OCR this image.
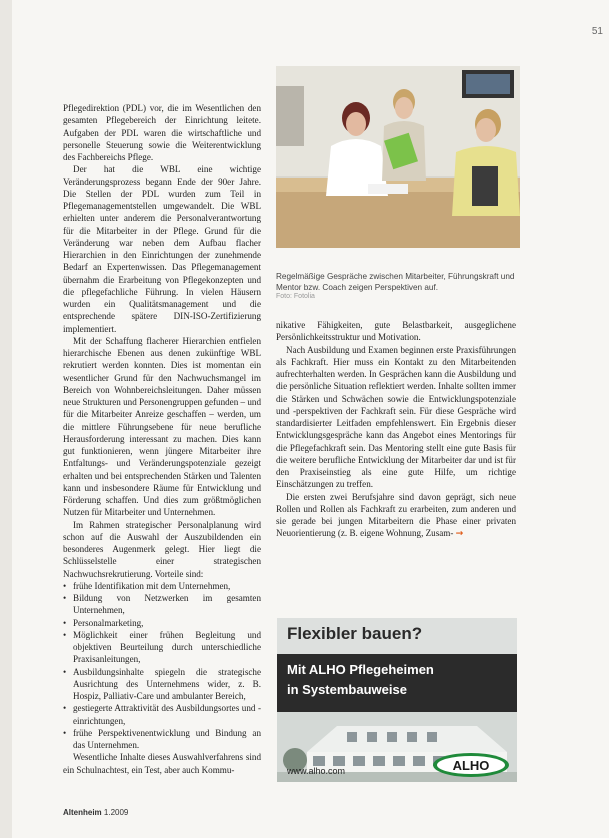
51

Pflegedirektion (PDL) vor, die im Wesentlichen den gesamten Pflegebereich der Einrichtung leitete. Aufgaben der PDL waren die wirtschaftliche und personelle Steuerung sowie die Weiterentwicklung des Fachbereichs Pflege.

Der hat die WBL eine wichtige Veränderungsprozess begann Ende der 90er Jahre. Die Stellen der PDL wurden zum Teil in Pflegemanagementstellen umgewandelt. Die WBL erhielten unter anderem die Personalverantwortung für die Mitarbeiter in der Pflege. Grund für die Veränderung war neben dem Aufbau flacher Hierarchien in den Einrichtungen der zunehmende Bedarf an Expertenwissen. Das Pflegemanagement übernahm die Erarbeitung von Pflegekonzepten und die pflegefachliche Führung. In vielen Häusern wurden ein Qualitätsmanagement und die entsprechende spätere DIN-ISO-Zertifizierung implementiert.

Mit der Schaffung flacherer Hierarchien entfielen hierarchische Ebenen aus denen zukünftige WBL rekrutiert werden konnten. Dies ist momentan ein wesentlicher Grund für den Nachwuchsmangel im Bereich von Wohnbereichsleitungen. Daher müssen neue Strukturen und Personengruppen gefunden – und für die Mitarbeiter Anreize geschaffen – werden, um die mittlere Führungsebene für neue berufliche Herausforderung interessant zu machen. Dies kann gut funktionieren, wenn jüngere Mitarbeiter ihre Entfaltungs- und Veränderungspotenziale gezeigt erhalten und bei entsprechenden Stärken und Talenten kann und insbesondere Räume für Entwicklung und Förderung schaffen. Und dies zum größtmöglichen Nutzen für Mitarbeiter und Unternehmen.

Im Rahmen strategischer Personalplanung wird schon auf die Auswahl der Auszubildenden ein besonderes Augenmerk gelegt. Hier liegt die Schlüsselstelle einer strategischen Nachwuchsrekrutierung. Vorteile sind:

• frühe Identifikation mit dem Unternehmen,
• Bildung von Netzwerken im gesamten Unternehmen,
• Personalmarketing,
• Möglichkeit einer frühen Begleitung und objektiven Beurteilung durch unterschiedliche Praxisanleitungen,
• Ausbildungsinhalte spiegeln die strategische Ausrichtung des Unternehmens wider, z. B. Hospiz, Palliativ-Care und ambulanter Bereich,
• gestiegerte Attraktivität des Ausbildungsortes und -einrichtungen,
• frühe Perspektivenentwicklung und Bindung an das Unternehmen.

Wesentliche Inhalte dieses Auswahlverfahrens sind ein Schulnachtest, ein Test, aber auch Kommu-

Regelmäßige Gespräche zwischen Mitarbeiter, Führungskraft und Mentor bzw. Coach zeigen Perspektiven auf.
Foto: Fotolia

nikative Fähigkeiten, gute Belastbarkeit, ausgeglichene Persönlichkeitsstruktur und Motivation.

Nach Ausbildung und Examen beginnen erste Praxisführungen als Fachkraft. Hier muss ein Kontakt zu den Mitarbeitenden aufrechterhalten werden. In Gesprächen kann die Ausbildung und die persönliche Situation reflektiert werden. Inhalte sollten immer die Stärken und Schwächen sowie die Entwicklungspotenziale und -perspektiven der Fachkraft sein. Für diese Gespräche wird standardisierter Leitfaden empfehlenswert. Ein Ergebnis dieser Entwicklungsgespräche kann das Angebot eines Mentorings für die Pflegefachkraft sein. Das Mentoring stellt eine gute Basis für die weitere berufliche Entwicklung der Mitarbeiter dar und ist für den Praxiseinstieg als eine gute Hilfe, um richtige Einschätzungen zu treffen.

Die ersten zwei Berufsjahre sind davon geprägt, sich neue Rollen und Rollen als Fachkraft zu erarbeiten, zum anderen und sie gerade bei jungen Mitarbeitern die Phase einer privaten Neuorientierung (z. B. eigene Wohnung, Zusam- →

Flexibler bauen?
Mit ALHO Pflegeheimen
in Systembauweise
www.alho.com	ALHO
Altenheim 1.2009
